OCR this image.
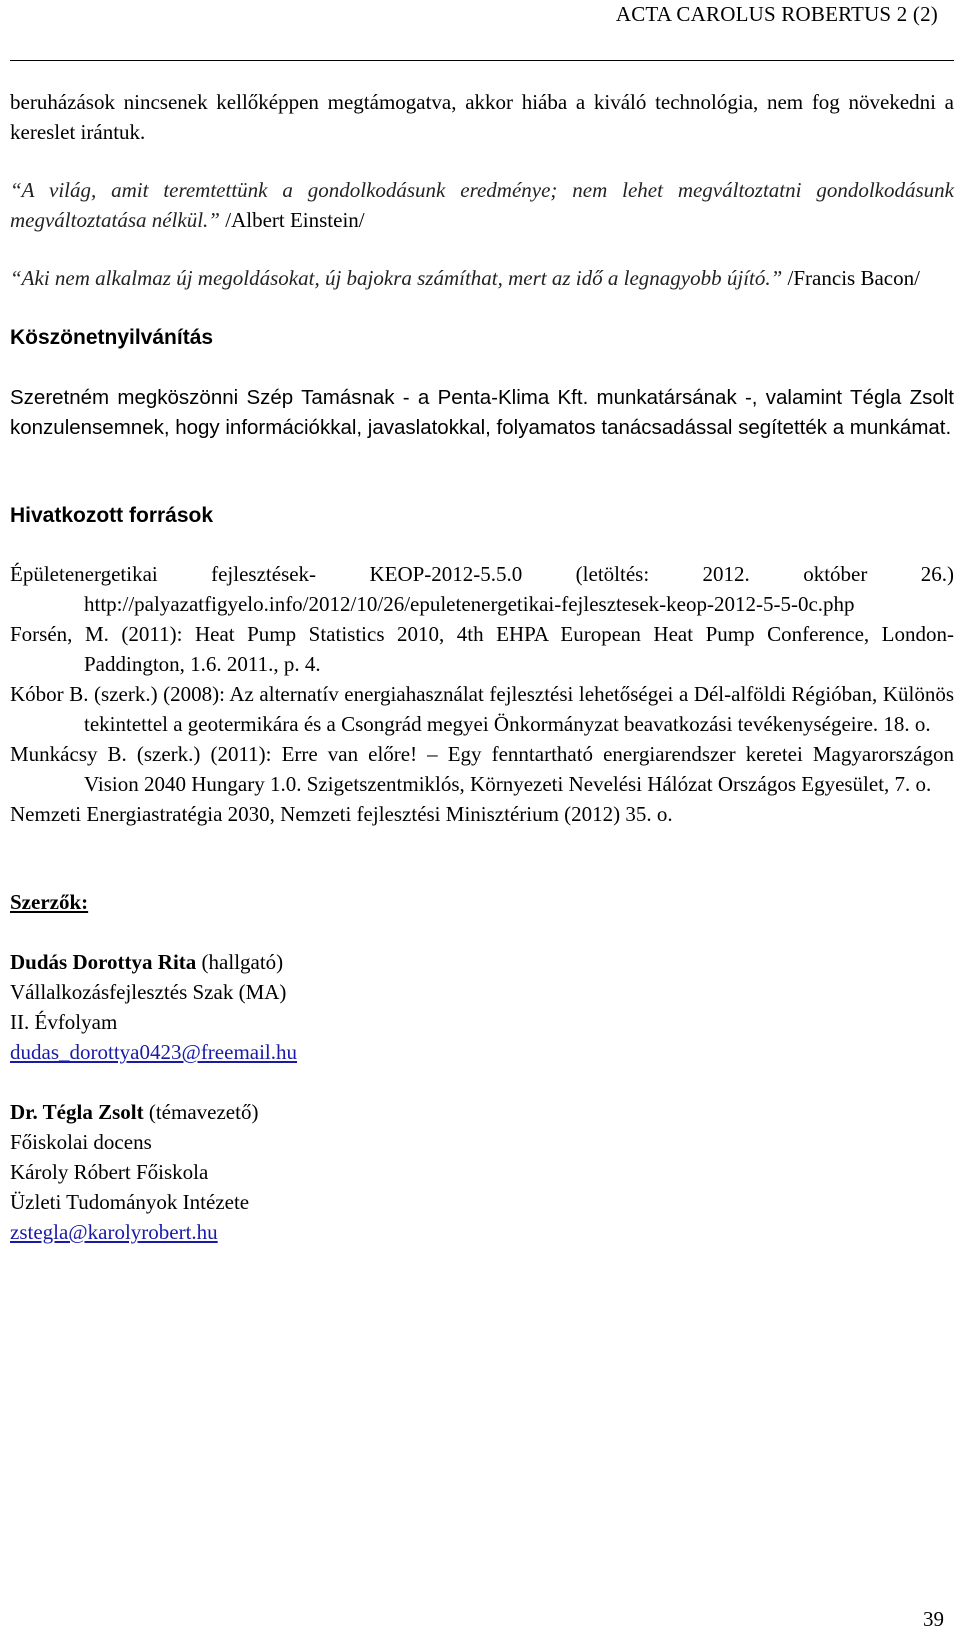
ACTA CAROLUS ROBERTUS 2 (2)

beruházások nincsenek kellőképpen megtámogatva, akkor hiába a kiváló technológia, nem fog növekedni a kereslet irántuk.

“A világ, amit teremtettünk a gondolkodásunk eredménye; nem lehet megváltoztatni gondolkodásunk megváltoztatása nélkül.” /Albert Einstein/

“Aki nem alkalmaz új megoldásokat, új bajokra számíthat, mert az idő a legnagyobb újító.” /Francis Bacon/

Köszönetnyilvánítás

Szeretném megköszönni Szép Tamásnak - a Penta-Klima Kft. munkatársának -, valamint Tégla Zsolt konzulensemnek, hogy információkkal, javaslatokkal, folyamatos tanácsadással segítették a munkámat.

Hivatkozott források

Épületenergetikai fejlesztések- KEOP-2012-5.5.0 (letöltés: 2012. október 26.) http://palyazatfigyelo.info/2012/10/26/epuletenergetikai-fejlesztesek-keop-2012-5-5-0c.php

Forsén, M. (2011): Heat Pump Statistics 2010, 4th EHPA European Heat Pump Conference, London-Paddington, 1.6. 2011., p. 4.

Kóbor B. (szerk.) (2008): Az alternatív energiahasználat fejlesztési lehetőségei a Dél-alföldi Régióban, Különös tekintettel a geotermikára és a Csongrád megyei Önkormányzat beavatkozási tevékenységeire. 18. o.

Munkácsy B. (szerk.) (2011): Erre van előre! – Egy fenntartható energiarendszer keretei Magyarországon Vision 2040 Hungary 1.0. Szigetszentmiklós, Környezeti Nevelési Hálózat Országos Egyesület, 7. o.

Nemzeti Energiastratégia 2030, Nemzeti fejlesztési Minisztérium (2012) 35. o.

Szerzők:

Dudás Dorottya Rita (hallgató)

Vállalkozásfejlesztés Szak (MA)

II. Évfolyam

dudas_dorottya0423@freemail.hu

Dr. Tégla Zsolt (témavezető)

Főiskolai docens

Károly Róbert Főiskola

Üzleti Tudományok Intézete

zstegla@karolyrobert.hu

39
